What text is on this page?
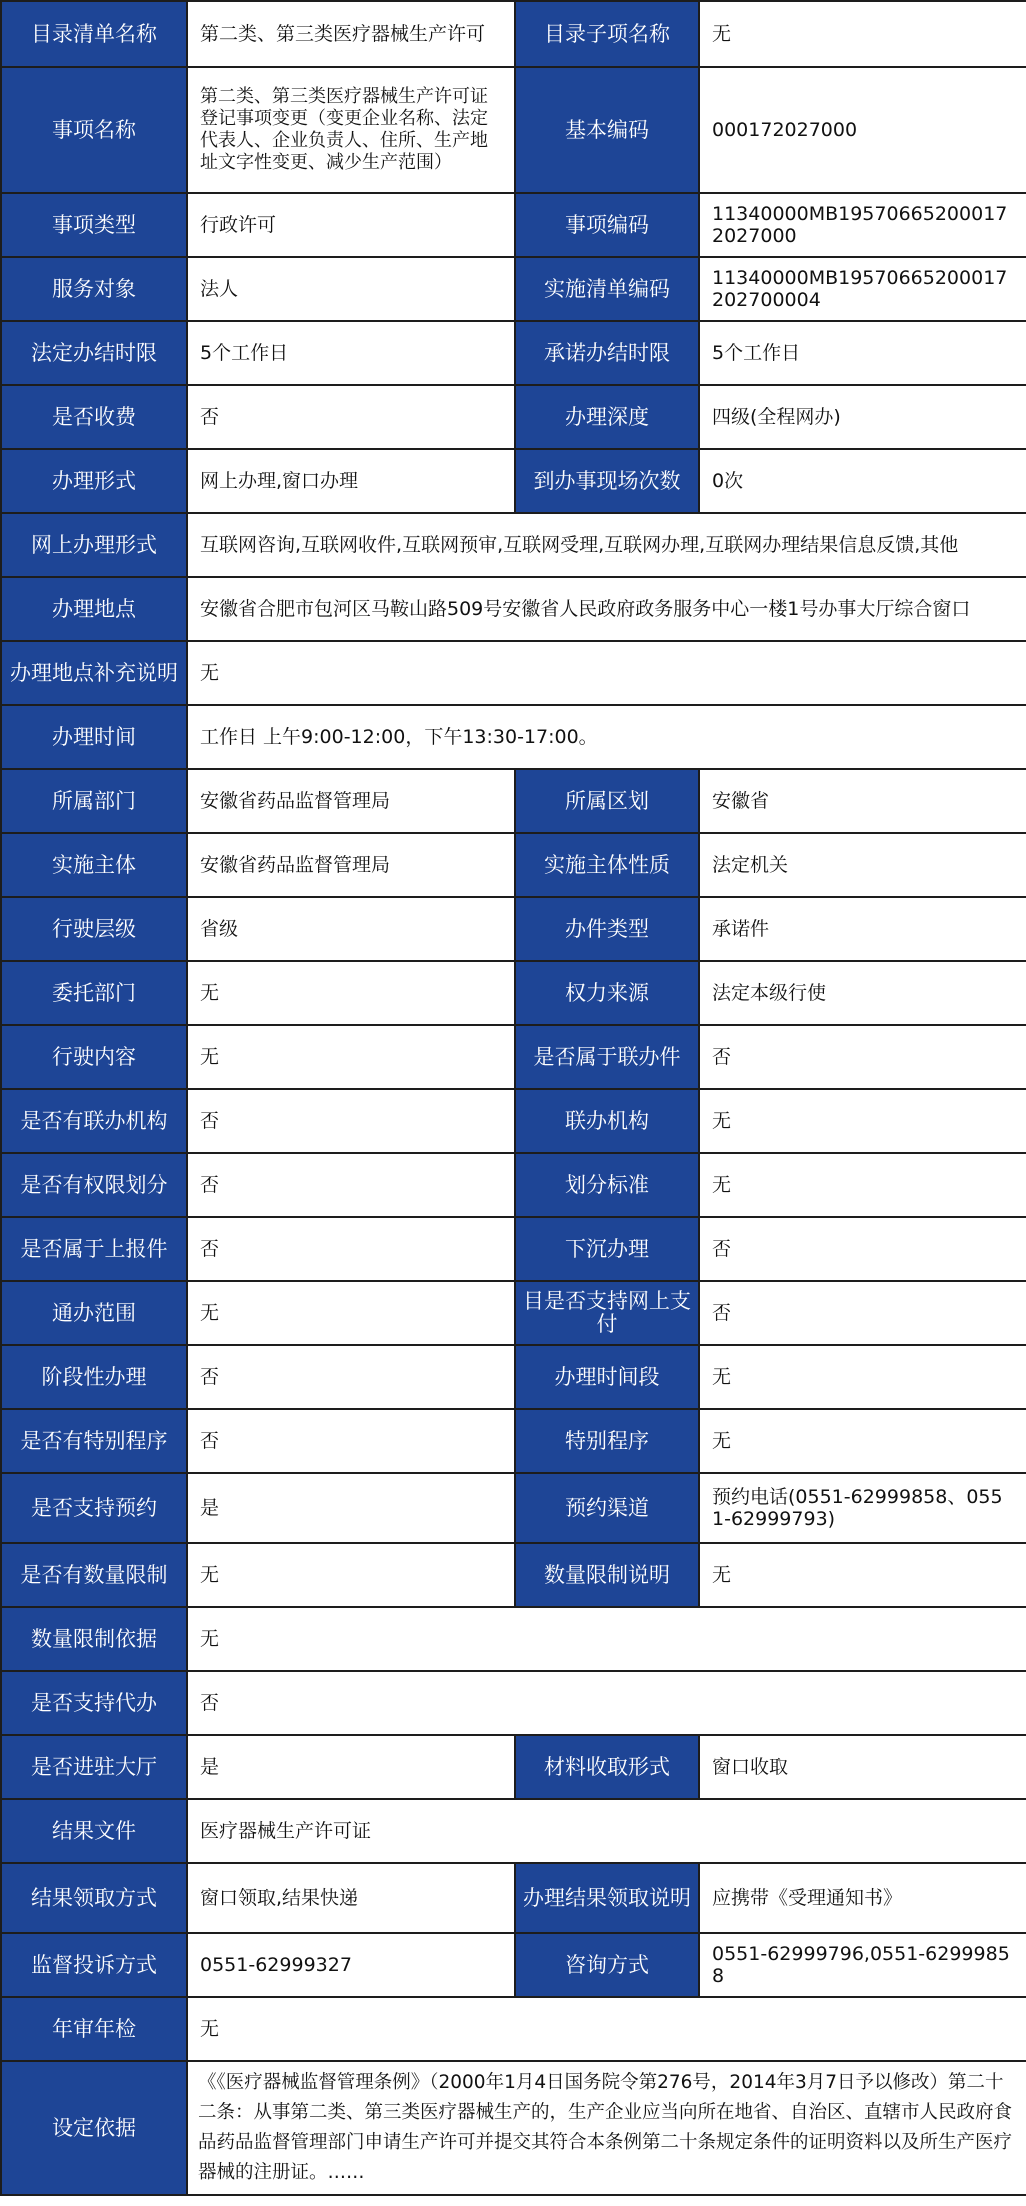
目录清单名称	第二类、第三类医疗器械生产许可	目录子项名称	无
事项名称	第二类、第三类医疗器械生产许可证登记事项变更（变更企业名称、法定代表人、企业负责人、住所、生产地址文字性变更、减少生产范围）	基本编码	000172027000
事项类型	行政许可	事项编码	11340000MB195706652000172027000
服务对象	法人	实施清单编码	11340000MB19570665200017202700004
法定办结时限	5个工作日	承诺办结时限	5个工作日
是否收费	否	办理深度	四级(全程网办)
办理形式	网上办理,窗口办理	到办事现场次数	0次
网上办理形式	互联网咨询,互联网收件,互联网预审,互联网受理,互联网办理,互联网办理结果信息反馈,其他		
办理地点	安徽省合肥市包河区马鞍山路509号安徽省人民政府政务服务中心一楼1号办事大厅综合窗口		
办理地点补充说明	无		
办理时间	工作日 上午9:00-12:00，下午13:30-17:00。		
所属部门	安徽省药品监督管理局	所属区划	安徽省
实施主体	安徽省药品监督管理局	实施主体性质	法定机关
行驶层级	省级	办件类型	承诺件
委托部门	无	权力来源	法定本级行使
行驶内容	无	是否属于联办件	否
是否有联办机构	否	联办机构	无
是否有权限划分	否	划分标准	无
是否属于上报件	否	下沉办理	否
通办范围	无	目是否支持网上支付	否
阶段性办理	否	办理时间段	无
是否有特别程序	否	特别程序	无
是否支持预约	是	预约渠道	预约电话(0551-62999858、0551-62999793)
是否有数量限制	无	数量限制说明	无
数量限制依据	无		
是否支持代办	否		
是否进驻大厅	是	材料收取形式	窗口收取
结果文件	医疗器械生产许可证		
结果领取方式	窗口领取,结果快递	办理结果领取说明	应携带《受理通知书》
监督投诉方式	0551-62999327	咨询方式	0551-62999796,0551-62999858
年审年检	无		
设定依据	《《医疗器械监督管理条例》（2000年1月4日国务院令第276号，2014年3月7日予以修改）第二十二条：从事第二类、第三类医疗器械生产的，生产企业应当向所在地省、自治区、直辖市人民政府食品药品监督管理部门申请生产许可并提交其符合本条例第二十条规定条件的证明资料以及所生产医疗器械的注册证。……		
